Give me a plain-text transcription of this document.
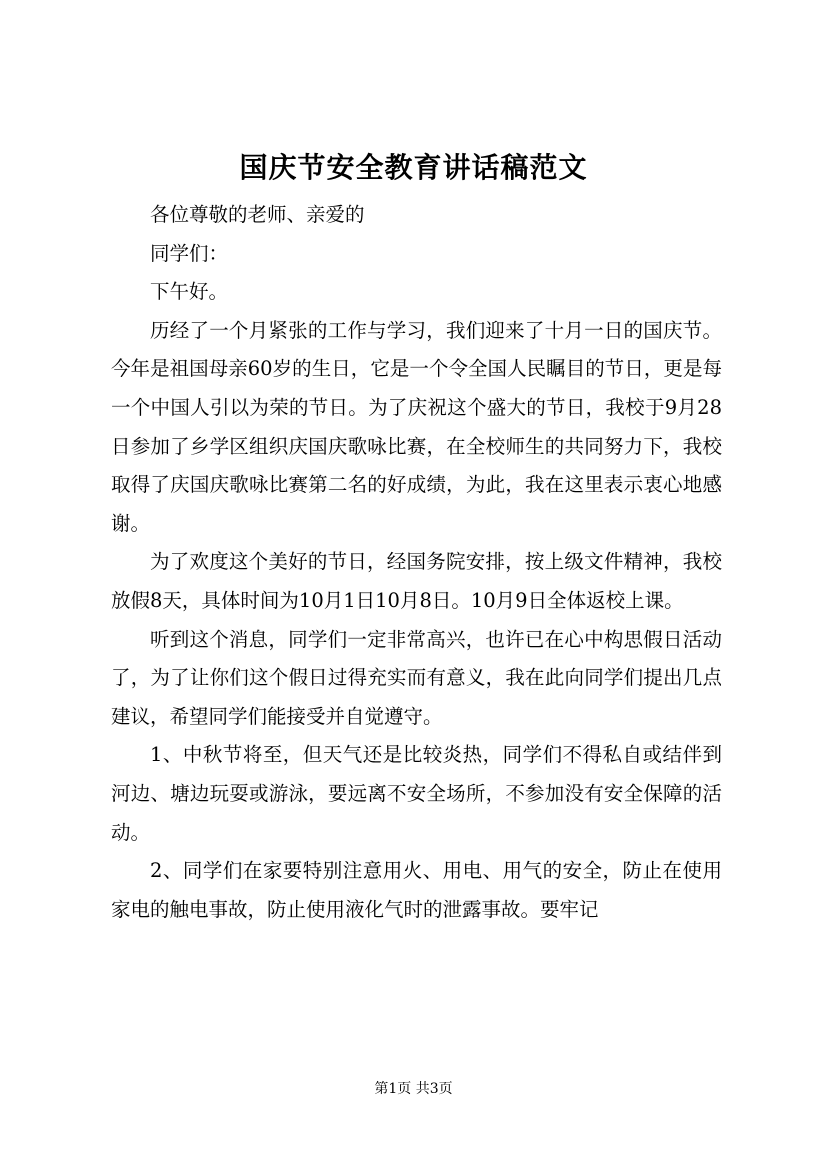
国庆节安全教育讲话稿范文

各位尊敬的老师、亲爱的

同学们：

下午好。

历经了一个月紧张的工作与学习，我们迎来了十月一日的国庆节。今年是祖国母亲60岁的生日，它是一个令全国人民瞩目的节日，更是每一个中国人引以为荣的节日。为了庆祝这个盛大的节日，我校于9月28日参加了乡学区组织庆国庆歌咏比赛，在全校师生的共同努力下，我校取得了庆国庆歌咏比赛第二名的好成绩，为此，我在这里表示衷心地感谢。

为了欢度这个美好的节日，经国务院安排，按上级文件精神，我校放假8天，具体时间为10月1日10月8日。10月9日全体返校上课。

听到这个消息，同学们一定非常高兴，也许已在心中构思假日活动了，为了让你们这个假日过得充实而有意义，我在此向同学们提出几点建议，希望同学们能接受并自觉遵守。

1、中秋节将至，但天气还是比较炎热，同学们不得私自或结伴到河边、塘边玩耍或游泳，要远离不安全场所，不参加没有安全保障的活动。

2、同学们在家要特别注意用火、用电、用气的安全，防止在使用家电的触电事故，防止使用液化气时的泄露事故。要牢记

第1页 共3页
